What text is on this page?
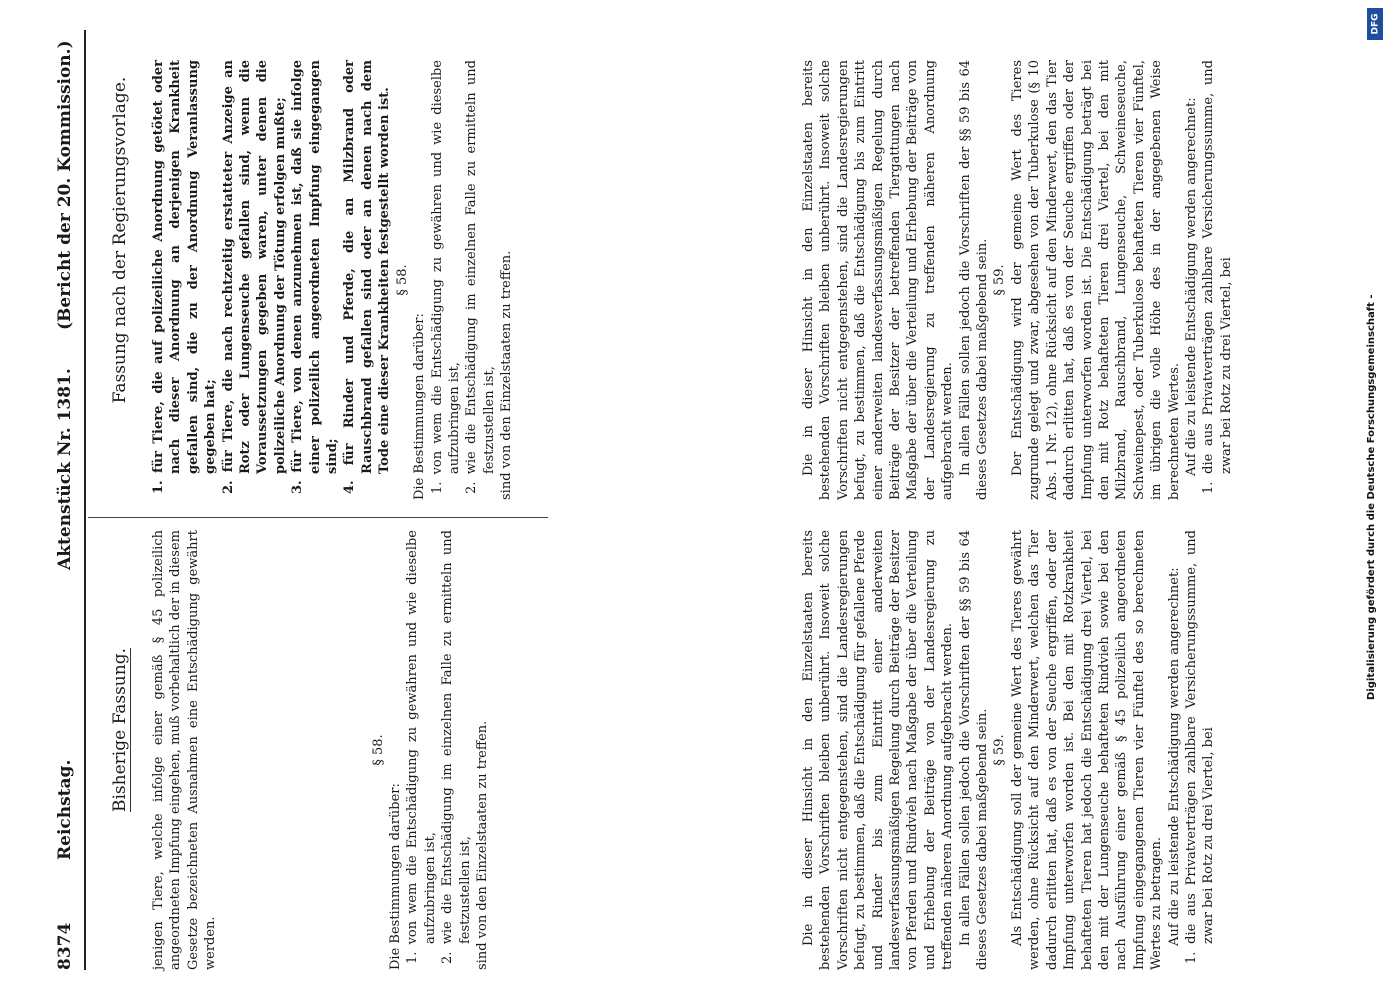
8374
Reichstag.
Aktenstück Nr. 1381.
(Bericht der 20. Kommission.)
Bisherige Fassung.
Fassung nach der Regierungsvorlage.

jenigen Tiere, welche infolge einer gemäß § 45 polizeilich angeordneten Impfung eingehen, muß vorbehaltlich der in diesem Gesetze bezeichneten Ausnahmen eine Entschädigung gewährt werden.

§ 58.

Die Bestimmungen darüber: 1. von wem die Entschädigung zu gewähren und wie dieselbe aufzubringen ist, 2. wie die Entschädigung im einzelnen Falle zu ermitteln und festzustellen ist, sind von den Einzelstaaten zu treffen.

1. für Tiere, die auf polizeiliche Anordnung getötet oder nach dieser Anordnung an derjenigen Krankheit gefallen sind, die zu der Anordnung Veranlassung gegeben hat; 2. für Tiere, die nach rechtzeitig erstatteter Anzeige an Rotz oder Lungenseuche gefallen sind, wenn die Voraussetzungen gegeben waren, unter denen die polizeiliche Anordnung der Tötung erfolgen mußte; 3. für Tiere, von denen anzunehmen ist, daß sie infolge einer polizeilich angeordneten Impfung eingegangen sind; 4. für Rinder und Pferde, die an Milzbrand oder Rauschbrand gefallen sind oder an denen nach dem Tode eine dieser Krankheiten festgestellt worden ist. § 58.

Die Bestimmungen darüber: 1. von wem die Entschädigung zu gewähren und wie dieselbe aufzubringen ist, 2. wie die Entschädigung im einzelnen Falle zu ermitteln und festzustellen ist, sind von den Einzelstaaten zu treffen.

Die in dieser Hinsicht in den Einzelstaaten bereits bestehenden Vorschriften bleiben unberührt. Insoweit solche Vorschriften nicht entgegenstehen, sind die Landesregierungen befugt, zu bestimmen, daß die Entschädigung für gefallene Pferde und Rinder bis zum Eintritt einer anderweiten landesverfassungsmäßigen Regelung durch Beiträge der Besitzer von Pferden und Rindvieh nach Maßgabe der über die Verteilung und Erhebung der Beiträge von der Landesregierung zu treffenden näheren Anordnung aufgebracht werden. In allen Fällen sollen jedoch die Vorschriften der §§ 59 bis 64 dieses Gesetzes dabei maßgebend sein. § 59. Als Entschädigung soll der gemeine Wert des Tieres gewährt werden, ohne Rücksicht auf den Minderwert, welchen das Tier dadurch erlitten hat, daß es von der Seuche ergriffen, oder der Impfung unterworfen worden ist. Bei den mit Rotzkrankheit behafteten Tieren hat jedoch die Entschädigung drei Viertel, bei den mit der Lungenseuche behafteten Rindvieh sowie bei den nach Ausführung einer gemäß § 45 polizeilich angeordneten Impfung eingegangenen Tieren vier Fünftel des so berechneten Wertes zu betragen. Auf die zu leistende Entschädigung werden angerechnet: 1. die aus Privatverträgen zahlbare Versicherungssumme, und zwar bei Rotz zu drei Viertel, bei

Die in dieser Hinsicht in den Einzelstaaten bereits bestehenden Vorschriften bleiben unberührt. Insoweit solche Vorschriften nicht entgegenstehen, sind die Landesregierungen befugt, zu bestimmen, daß die Entschädigung bis zum Eintritt einer anderweiten landesverfassungsmäßigen Regelung durch Beiträge der Besitzer der betreffenden Tiergattungen nach Maßgabe der über die Verteilung und Erhebung der Beiträge von der Landesregierung zu treffenden näheren Anordnung aufgebracht werden. In allen Fällen sollen jedoch die Vorschriften der §§ 59 bis 64 dieses Gesetzes dabei maßgebend sein. § 59. Der Entschädigung wird der gemeine Wert des Tieres zugrunde gelegt und zwar, abgesehen von der Tuberkulose (§ 10 Abs. 1 Nr. 12), ohne Rücksicht auf den Minderwert, den das Tier dadurch erlitten hat, daß es von der Seuche ergriffen oder der Impfung unterworfen worden ist. Die Entschädigung beträgt bei den mit Rotz behafteten Tieren drei Viertel, bei den mit Milzbrand, Rauschbrand, Lungenseuche, Schweineseuche, Schweinepest, oder Tuberkulose behafteten Tieren vier Fünftel, im übrigen die volle Höhe des in der angegebenen Weise berechneten Wertes. Auf die zu leistende Entschädigung werden angerechnet: 1. die aus Privatverträgen zahlbare Versicherungssumme, und zwar bei Rotz zu drei Viertel, bei

DFG
Digitalisierung gefördert durch die Deutsche Forschungsgemeinschaft -
